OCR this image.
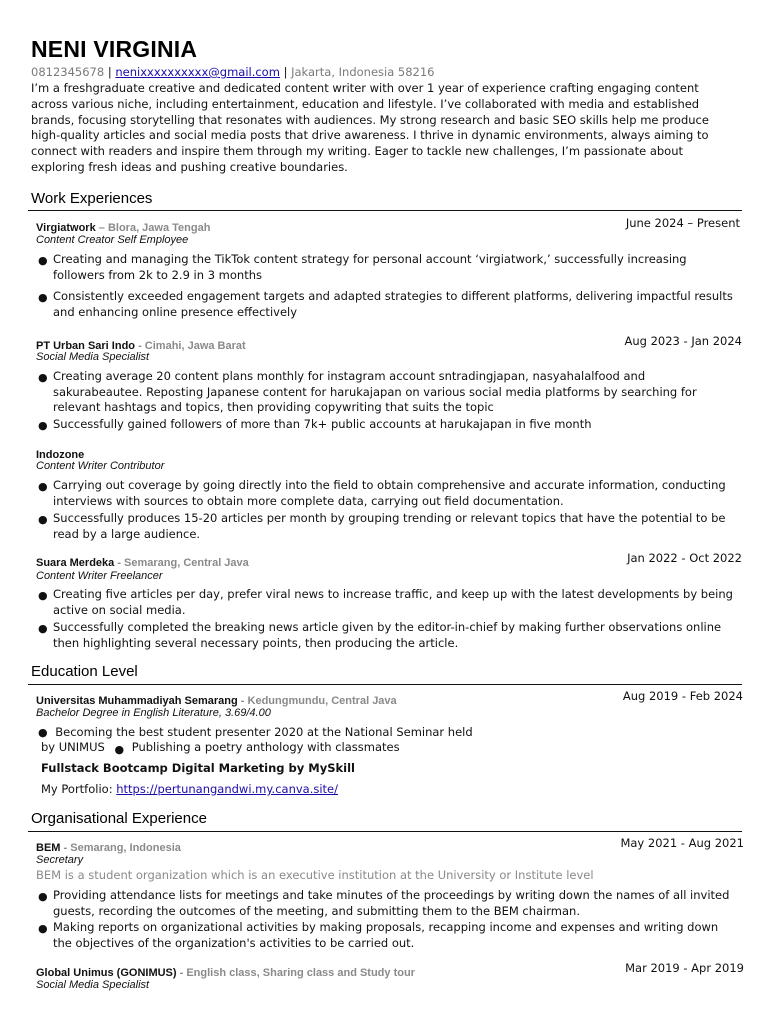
NENI VIRGINIA
0812345678 | nenixxxxxxxxxx@gmail.com | Jakarta, Indonesia 58216
I’m a freshgraduate creative and dedicated content writer with over 1 year of experience crafting engaging content
across various niche, including entertainment, education and lifestyle. I’ve collaborated with media and established
brands, focusing storytelling that resonates with audiences. My strong research and basic SEO skills help me produce
high-quality articles and social media posts that drive awareness. I thrive in dynamic environments, always aiming to
connect with readers and inspire them through my writing. Eager to tackle new challenges, I’m passionate about
exploring fresh ideas and pushing creative boundaries.
Work Experiences
Virgiatwork – Blora, Jawa Tengah	June 2024 – Present
Content Creator Self Employee
● Creating and managing the TikTok content strategy for personal account ‘virgiatwork,’ successfully increasing
followers from 2k to 2.9 in 3 months
● Consistently exceeded engagement targets and adapted strategies to different platforms, delivering impactful results
and enhancing online presence effectively
PT Urban Sari Indo - Cimahi, Jawa Barat	Aug 2023 - Jan 2024
Social Media Specialist
● Creating average 20 content plans monthly for instagram account sntradingjapan, nasyahalalfood and
sakurabeautee. Reposting Japanese content for harukajapan on various social media platforms by searching for
relevant hashtags and topics, then providing copywriting that suits the topic
● Successfully gained followers of more than 7k+ public accounts at harukajapan in five month
Indozone
Content Writer Contributor
● Carrying out coverage by going directly into the field to obtain comprehensive and accurate information, conducting
interviews with sources to obtain more complete data, carrying out field documentation.
● Successfully produces 15-20 articles per month by grouping trending or relevant topics that have the potential to be
read by a large audience.
Suara Merdeka - Semarang, Central Java	Jan 2022 - Oct 2022
Content Writer Freelancer
● Creating five articles per day, prefer viral news to increase traffic, and keep up with the latest developments by being
active on social media.
● Successfully completed the breaking news article given by the editor-in-chief by making further observations online
then highlighting several necessary points, then producing the article.
Education Level
Universitas Muhammadiyah Semarang - Kedungmundu, Central Java	Aug 2019 - Feb 2024
Bachelor Degree in English Literature, 3.69/4.00
● Becoming the best student presenter 2020 at the National Seminar held
by UNIMUS ● Publishing a poetry anthology with classmates
Fullstack Bootcamp Digital Marketing by MySkill
My Portfolio: https://pertunangandwi.my.canva.site/
Organisational Experience
BEM - Semarang, Indonesia	May 2021 - Aug 2021
Secretary
BEM is a student organization which is an executive institution at the University or Institute level
● Providing attendance lists for meetings and take minutes of the proceedings by writing down the names of all invited
guests, recording the outcomes of the meeting, and submitting them to the BEM chairman.
● Making reports on organizational activities by making proposals, recapping income and expenses and writing down
the objectives of the organization's activities to be carried out.
Global Unimus (GONIMUS) - English class, Sharing class and Study tour	Mar 2019 - Apr 2019
Social Media Specialist
